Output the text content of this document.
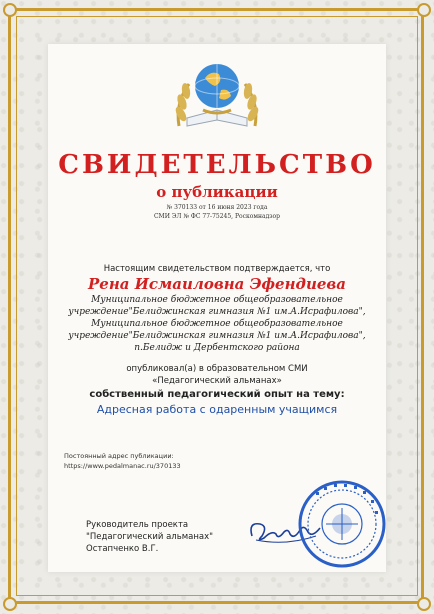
СВИДЕТЕЛЬСТВО
о публикации
№ 370133 от 16 июня 2023 года
СМИ ЭЛ № ФС 77-75245, Роскомнадзор
Настоящим свидетельством подтверждается, что
Рена Исмаиловна Эфендиева
Муниципальное бюджетное общеобразовательное
учреждение"Белиджинская гимназия №1 им.А.Исрафилова",
Муниципальное бюджетное общеобразовательное
учреждение"Белиджинская гимназия №1 им.А.Исрафилова",
п.Белидж и Дербентского района
опубликовал(а) в образовательном СМИ
«Педагогический альманах»
собственный педагогический опыт на тему:
Адресная работа с одаренным учащимся
Постоянный адрес публикации:
https://www.pedalmanac.ru/370133
Руководитель проекта
"Педагогический альманах"
Остапченко В.Г.
